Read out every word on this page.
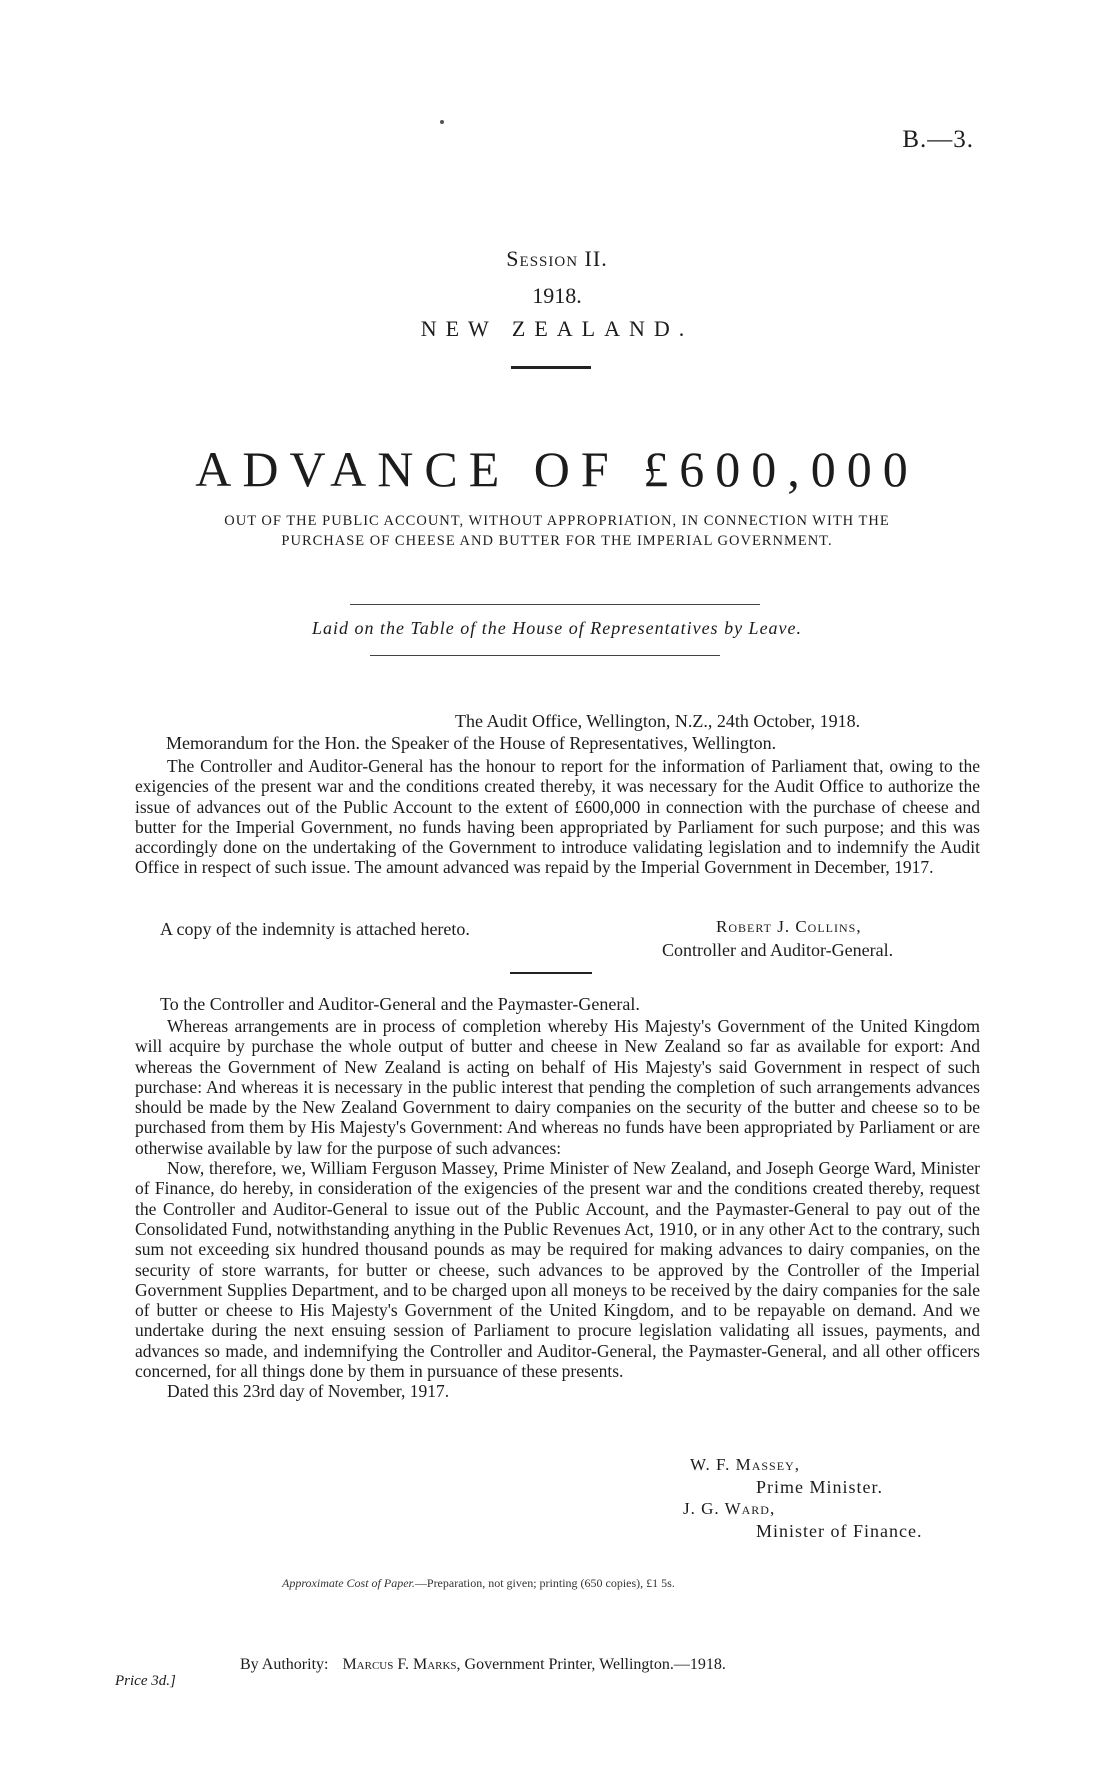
B.—3.
Session II.
1918.
NEW ZEALAND.
ADVANCE OF £600,000
OUT OF THE PUBLIC ACCOUNT, WITHOUT APPROPRIATION, IN CONNECTION WITH THE
PURCHASE OF CHEESE AND BUTTER FOR THE IMPERIAL GOVERNMENT.
Laid on the Table of the House of Representatives by Leave.
The Audit Office, Wellington, N.Z., 24th October, 1918.
Memorandum for the Hon. the Speaker of the House of Representatives, Wellington.

The Controller and Auditor-General has the honour to report for the information of Parliament that, owing to the exigencies of the present war and the conditions created thereby, it was necessary for the Audit Office to authorize the issue of advances out of the Public Account to the extent of £600,000 in connection with the purchase of cheese and butter for the Imperial Government, no funds having been appropriated by Parliament for such purpose; and this was accordingly done on the undertaking of the Government to introduce validating legislation and to indemnify the Audit Office in respect of such issue. The amount advanced was repaid by the Imperial Government in December, 1917.

A copy of the indemnity is attached hereto.	Robert J. Collins,
Controller and Auditor-General.
To the Controller and Auditor-General and the Paymaster-General.

Whereas arrangements are in process of completion whereby His Majesty's Government of the United Kingdom will acquire by purchase the whole output of butter and cheese in New Zealand so far as available for export: And whereas the Government of New Zealand is acting on behalf of His Majesty's said Government in respect of such purchase: And whereas it is necessary in the public interest that pending the completion of such arrangements advances should be made by the New Zealand Government to dairy companies on the security of the butter and cheese so to be purchased from them by His Majesty's Government: And whereas no funds have been appropriated by Parliament or are otherwise available by law for the purpose of such advances:

Now, therefore, we, William Ferguson Massey, Prime Minister of New Zealand, and Joseph George Ward, Minister of Finance, do hereby, in consideration of the exigencies of the present war and the conditions created thereby, request the Controller and Auditor-General to issue out of the Public Account, and the Paymaster-General to pay out of the Consolidated Fund, notwithstanding anything in the Public Revenues Act, 1910, or in any other Act to the contrary, such sum not exceeding six hundred thousand pounds as may be required for making advances to dairy companies, on the security of store warrants, for butter or cheese, such advances to be approved by the Controller of the Imperial Government Supplies Department, and to be charged upon all moneys to be received by the dairy companies for the sale of butter or cheese to His Majesty's Government of the United Kingdom, and to be repayable on demand. And we undertake during the next ensuing session of Parliament to procure legislation validating all issues, payments, and advances so made, and indemnifying the Controller and Auditor-General, the Paymaster-General, and all other officers concerned, for all things done by them in pursuance of these presents.

Dated this 23rd day of November, 1917.

W. F. Massey,
Prime Minister.
J. G. Ward,
Minister of Finance.
Approximate Cost of Paper.—Preparation, not given; printing (650 copies), £1 5s.
By Authority: Marcus F. Marks, Government Printer, Wellington.—1918.
Price 3d.]
